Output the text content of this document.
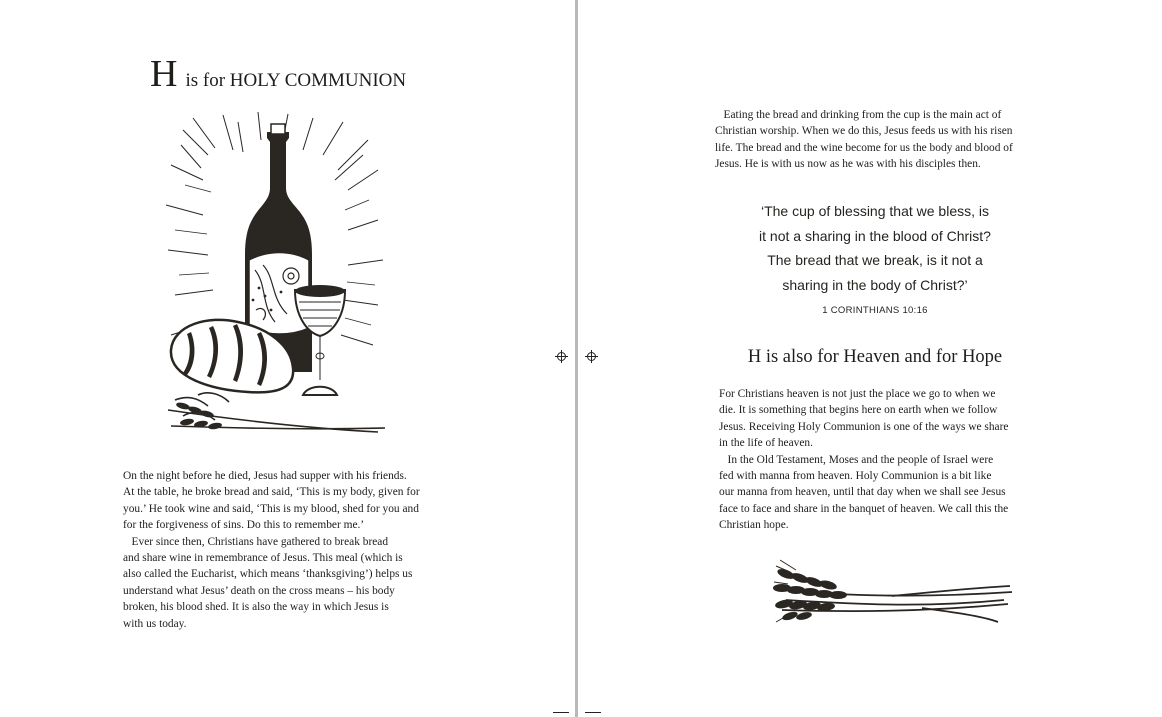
H is for HOLY COMMUNION
On the night before he died, Jesus had supper with his friends.
At the table, he broke bread and said, ‘This is my body, given for
you.’ He took wine and said, ‘This is my blood, shed for you and
for the forgiveness of sins. Do this to remember me.’
Ever since then, Christians have gathered to break bread
and share wine in remembrance of Jesus. This meal (which is
also called the Eucharist, which means ‘thanksgiving’) helps us
understand what Jesus’ death on the cross means – his body
broken, his blood shed. It is also the way in which Jesus is
with us today.
Eating the bread and drinking from the cup is the main act of
Christian worship. When we do this, Jesus feeds us with his risen
life. The bread and the wine become for us the body and blood of
Jesus. He is with us now as he was with his disciples then.
‘The cup of blessing that we bless, is
it not a sharing in the blood of Christ?
The bread that we break, is it not a
sharing in the body of Christ?’
1 CORINTHIANS 10:16
H is also for Heaven and for Hope
For Christians heaven is not just the place we go to when we
die. It is something that begins here on earth when we follow
Jesus. Receiving Holy Communion is one of the ways we share
in the life of heaven.
In the Old Testament, Moses and the people of Israel were
fed with manna from heaven. Holy Communion is a bit like
our manna from heaven, until that day when we shall see Jesus
face to face and share in the banquet of heaven. We call this the
Christian hope.
